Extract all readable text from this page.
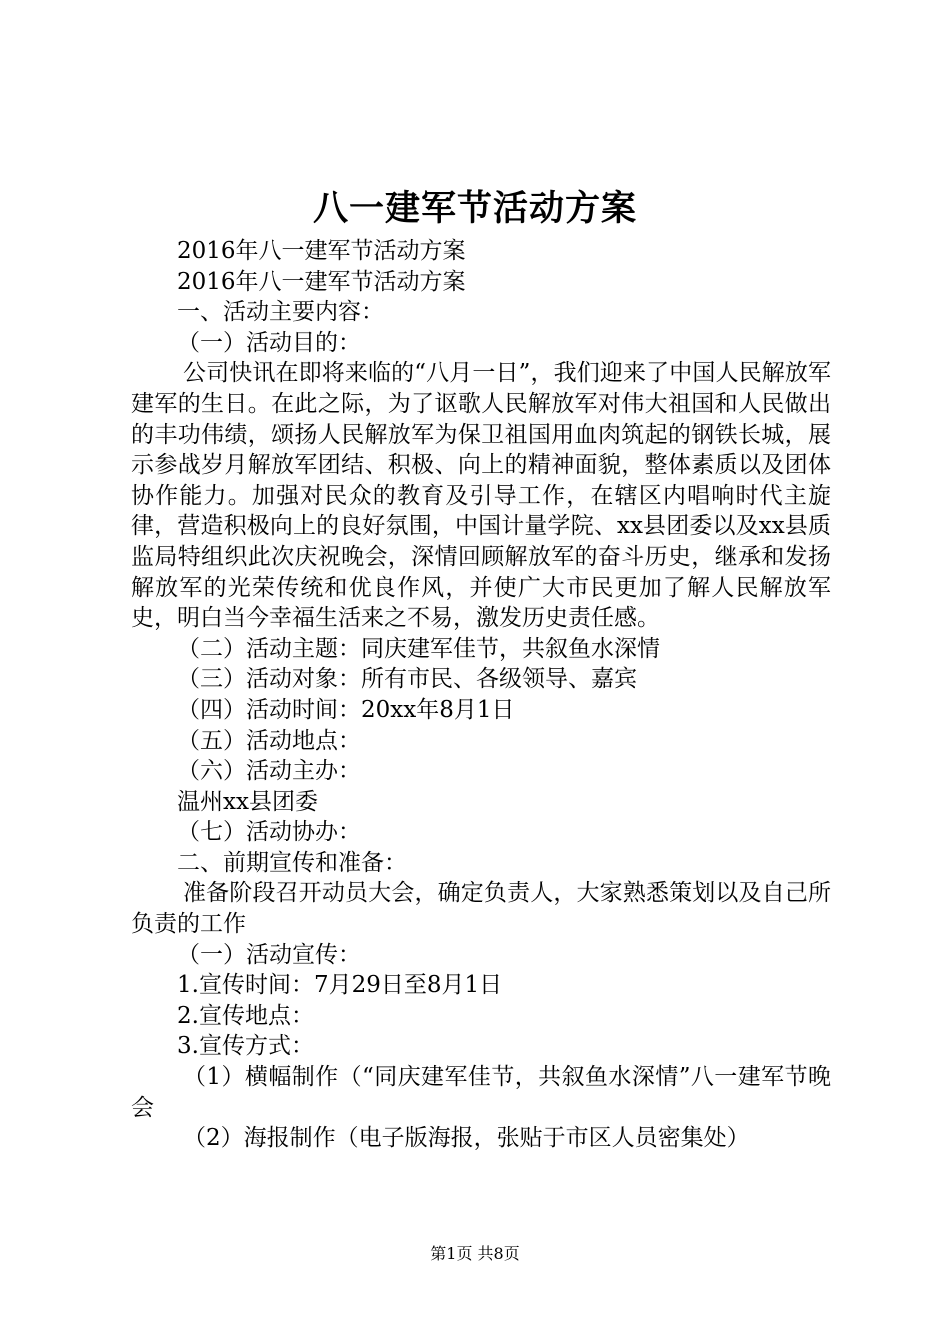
八一建军节活动方案

2016年八一建军节活动方案

2016年八一建军节活动方案

一、活动主要内容：

（一）活动目的：

公司快讯在即将来临的“八月一日”，我们迎来了中国人民解放军建军的生日。在此之际，为了讴歌人民解放军对伟大祖国和人民做出的丰功伟绩，颂扬人民解放军为保卫祖国用血肉筑起的钢铁长城，展示参战岁月解放军团结、积极、向上的精神面貌，整体素质以及团体协作能力。加强对民众的教育及引导工作，在辖区内唱响时代主旋律，营造积极向上的良好氛围，中国计量学院、xx县团委以及xx县质监局特组织此次庆祝晚会，深情回顾解放军的奋斗历史，继承和发扬解放军的光荣传统和优良作风，并使广大市民更加了解人民解放军史，明白当今幸福生活来之不易，激发历史责任感。

（二）活动主题：同庆建军佳节，共叙鱼水深情

（三）活动对象：所有市民、各级领导、嘉宾

（四）活动时间：20xx年8月1日

（五）活动地点：

（六）活动主办：

温州xx县团委

（七）活动协办：

二、前期宣传和准备：

准备阶段召开动员大会，确定负责人，大家熟悉策划以及自己所负责的工作

（一）活动宣传：

1.宣传时间：7月29日至8月1日

2.宣传地点：

3.宣传方式：

（1）横幅制作（“同庆建军佳节，共叙鱼水深情”八一建军节晚会

（2）海报制作（电子版海报，张贴于市区人员密集处）

第1页 共8页
